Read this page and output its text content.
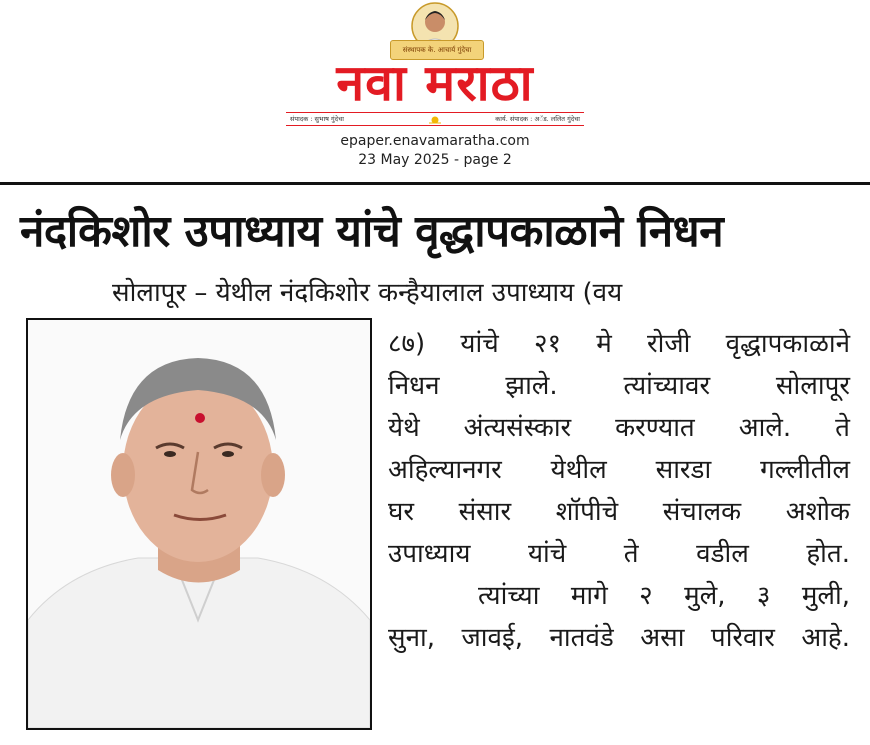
संस्थापक के. आचार्य गुंदेचा
नवा मराठा
संपादक : सुभाष गुंदेचा	कार्य. संपादक : अॅड. ललित गुंदेचा
epaper.enavamaratha.com
23 May 2025 - page 2
नंदकिशोर उपाध्याय यांचे वृद्धापकाळाने निधन
सोलापूर – येथील नंदकिशोर कन्हैयालाल उपाध्याय (वय
८७) यांचे २१ मे रोजी वृद्धापकाळाने
निधन झाले. त्यांच्यावर सोलापूर
येथे अंत्यसंस्कार करण्यात आले. ते
अहिल्यानगर येथील सारडा गल्लीतील
घर संसार शॉपीचे संचालक अशोक
उपाध्याय यांचे ते वडील होत.
त्यांच्या मागे २ मुले, ३ मुली,
सुना, जावई, नातवंडे असा परिवार आहे.
